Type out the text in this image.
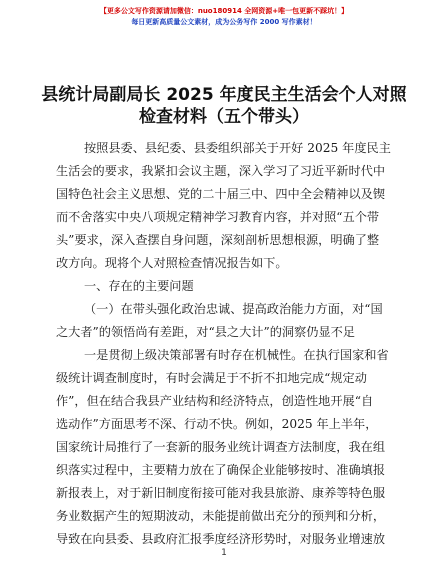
【更多公文写作资源请加微信：nuo180914 全网资源+唯一包更新不踩坑！】
每日更新高质量公文素材，成为公务写作 2000 写作素材！
县统计局副局长 2025 年度民主生活会个人对照
检查材料（五个带头）
按照县委、县纪委、县委组织部关于开好 2025 年度民主
生活会的要求，我紧扣会议主题，深入学习了习近平新时代中
国特色社会主义思想、党的二十届三中、四中全会精神以及锲
而不舍落实中央八项规定精神学习教育内容，并对照“五个带
头”要求，深入查摆自身问题，深刻剖析思想根源，明确了整
改方向。现将个人对照检查情况报告如下。
一、存在的主要问题
（一）在带头强化政治忠诚、提高政治能力方面，对“国
之大者”的领悟尚有差距，对“县之大计”的洞察仍显不足
一是贯彻上级决策部署有时存在机械性。在执行国家和省
级统计调查制度时，有时会满足于不折不扣地完成“规定动
作”，但在结合我县产业结构和经济特点，创造性地开展“自
选动作”方面思考不深、行动不快。例如，2025 年上半年，
国家统计局推行了一套新的服务业统计调查方法制度，我在组
织落实过程中，主要精力放在了确保企业能够按时、准确填报
新报表上，对于新旧制度衔接可能对我县旅游、康养等特色服
务业数据产生的短期波动，未能提前做出充分的预判和分析，
导致在向县委、县政府汇报季度经济形势时，对服务业增速放
1
